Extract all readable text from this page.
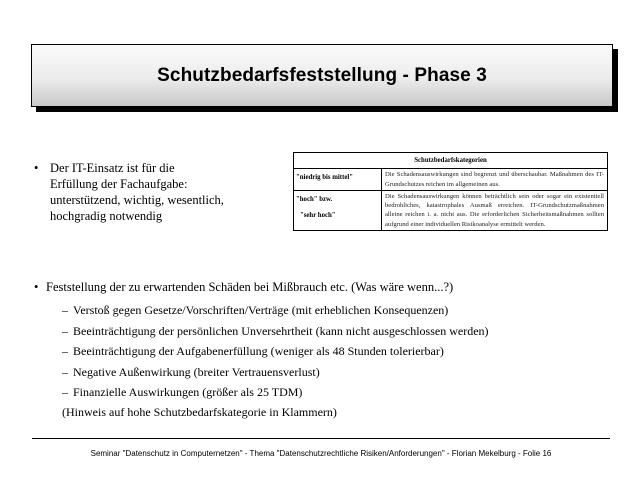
Schutzbedarfsfeststellung - Phase 3
• Der IT-Einsatz ist für die
Erfüllung der Fachaufgabe:
unterstützend, wichtig, wesentlich,
hochgradig notwendig
Schutzbedarfskategorien	
"niedrig bis mittel"	Die Schadensauswirkungen sind begrenzt und überschaubar. Maßnahmen des IT-Grundschutzes reichen im allgemeinen aus.
"hoch" bzw.
"sehr hoch"	Die Schadensauswirkungen können beträchtlich sein oder sogar ein existentiell bedrohliches, katastrophales Ausmaß erreichen. IT-Grundschutzmaßnahmen alleine reichen i. a. nicht aus. Die erforderlichen Sicherheitsmaßnahmen sollten aufgrund einer individuellen Risikoanalyse ermittelt werden.
• Feststellung der zu erwartenden Schäden bei Mißbrauch etc. (Was wäre wenn...?)
– Verstoß gegen Gesetze/Vorschriften/Verträge (mit erheblichen Konsequenzen)
– Beeinträchtigung der persönlichen Unversehrtheit (kann nicht ausgeschlossen werden)
– Beeinträchtigung der Aufgabenerfüllung (weniger als 48 Stunden tolerierbar)
– Negative Außenwirkung (breiter Vertrauensverlust)
– Finanzielle Auswirkungen (größer als 25 TDM)
(Hinweis auf hohe Schutzbedarfskategorie in Klammern)
Seminar "Datenschutz in Computernetzen" - Thema "Datenschutzrechtliche Risiken/Anforderungen" - Florian Mekelburg - Folie 16
